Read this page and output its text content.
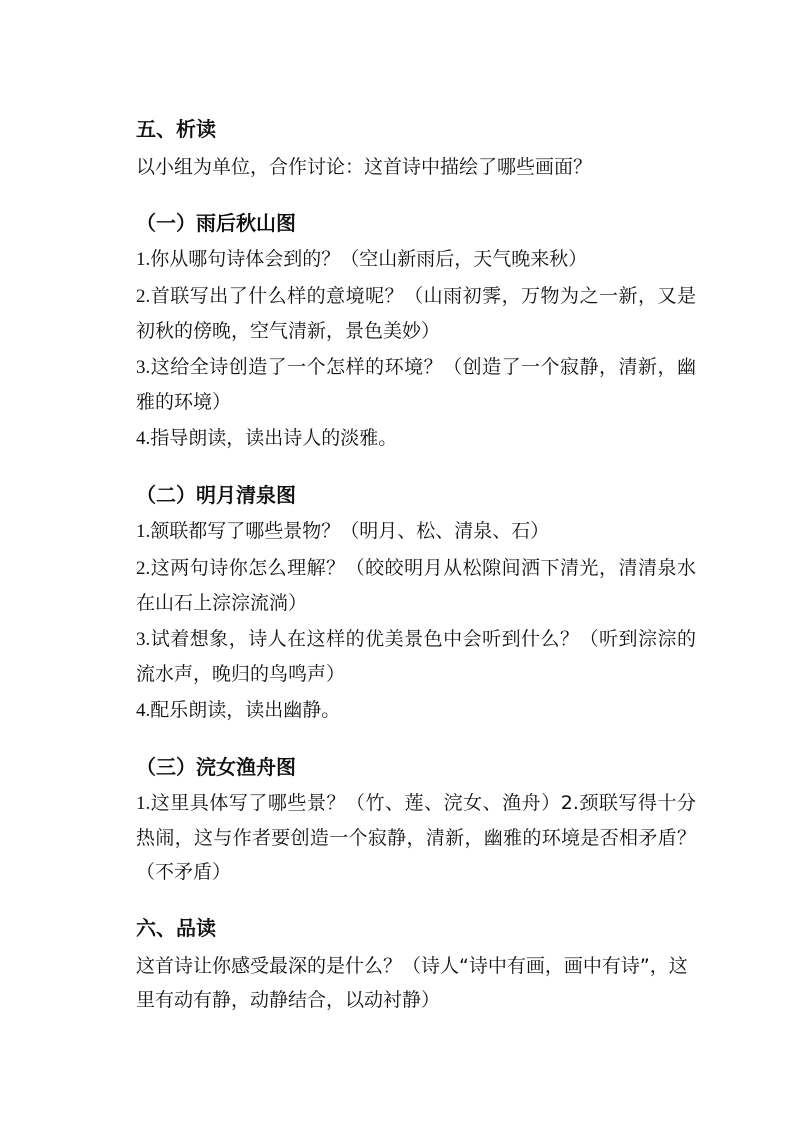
五、析读
以小组为单位，合作讨论：这首诗中描绘了哪些画面？
（一）雨后秋山图
1.你从哪句诗体会到的？（空山新雨后，天气晚来秋）
2.首联写出了什么样的意境呢？（山雨初霁，万物为之一新，又是初秋的傍晚，空气清新，景色美妙）
3.这给全诗创造了一个怎样的环境？（创造了一个寂静，清新，幽雅的环境）
4.指导朗读，读出诗人的淡雅。
（二）明月清泉图
1.颔联都写了哪些景物？（明月、松、清泉、石）
2.这两句诗你怎么理解？（皎皎明月从松隙间洒下清光，清清泉水在山石上淙淙流淌）
3.试着想象，诗人在这样的优美景色中会听到什么？（听到淙淙的流水声，晚归的鸟鸣声）
4.配乐朗读，读出幽静。
（三）浣女渔舟图
1.这里具体写了哪些景？（竹、莲、浣女、渔舟）2.颈联写得十分热闹，这与作者要创造一个寂静，清新，幽雅的环境是否相矛盾？（不矛盾）
六、品读
这首诗让你感受最深的是什么？（诗人“诗中有画，画中有诗”，这里有动有静，动静结合，以动衬静）
